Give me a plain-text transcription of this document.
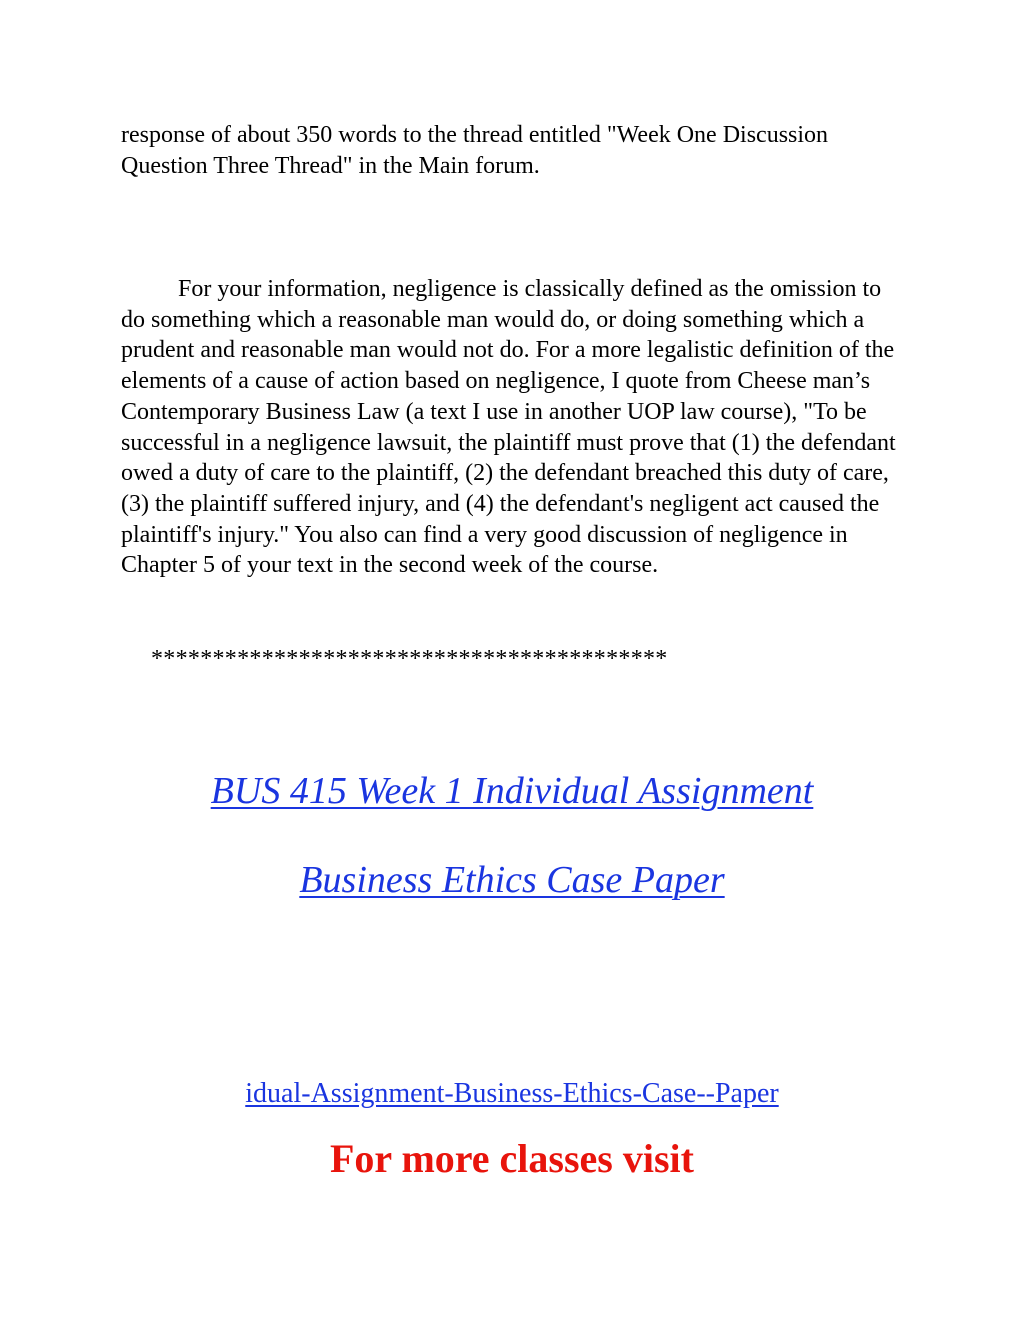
response of about 350 words to the thread entitled "Week One Discussion Question Three Thread" in the Main forum.

For your information, negligence is classically defined as the omission to do something which a reasonable man would do, or doing something which a prudent and reasonable man would not do. For a more legalistic definition of the elements of a cause of action based on negligence, I quote from Cheese man’s Contemporary Business Law (a text I use in another UOP law course), "To be successful in a negligence lawsuit, the plaintiff must prove that (1) the defendant owed a duty of care to the plaintiff, (2) the defendant breached this duty of care, (3) the plaintiff suffered injury, and (4) the defendant's negligent act caused the plaintiff's injury." You also can find a very good discussion of negligence in Chapter 5 of your text in the second week of the course.

******************************************

BUS 415 Week 1 Individual Assignment

Business Ethics Case Paper

idual-Assignment-Business-Ethics-Case--Paper

For more classes visit
